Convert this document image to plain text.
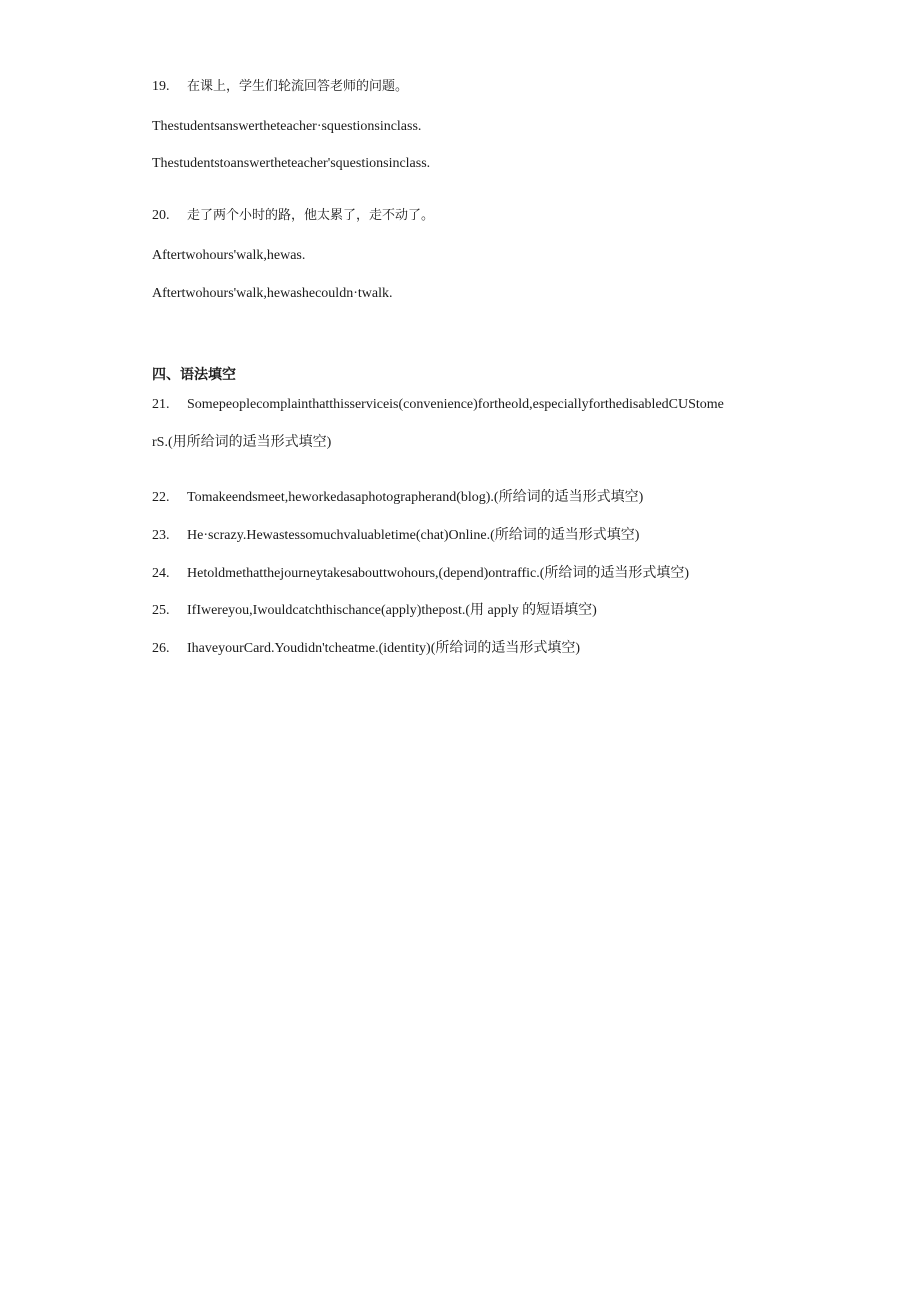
19. 在课上，学生们轮流回答老师的问题。
Thestudentsanswertheteacher·squestionsinclass.
Thestudentstoanswertheteacher'squestionsinclass.
20. 走了两个小时的路，他太累了，走不动了。
Aftertwohours'walk,hewas.
Aftertwohours'walk,hewashecouldn·twalk.
四、语法填空
21. Somepeoplecomplainthatthisserviceis(convenience)fortheold,especiallyforthedisabledCUStome
rS.(用所给词的适当形式填空)
22. Tomakeendsmeet,heworkedasaphotographerand(blog).(所给词的适当形式填空)
23. He·scrazy.Hewastessomuchvaluabletime(chat)Online.(所给词的适当形式填空)
24. Hetoldmethatthejourneytakesabouttwohours,(depend)ontraffic.(所给词的适当形式填空)
25. IfIwereyou,Iwouldcatchthischance(apply)thepost.(用 apply 的短语填空)
26. IhaveyourCard.Youdidn'tcheatme.(identity)(所给词的适当形式填空)
